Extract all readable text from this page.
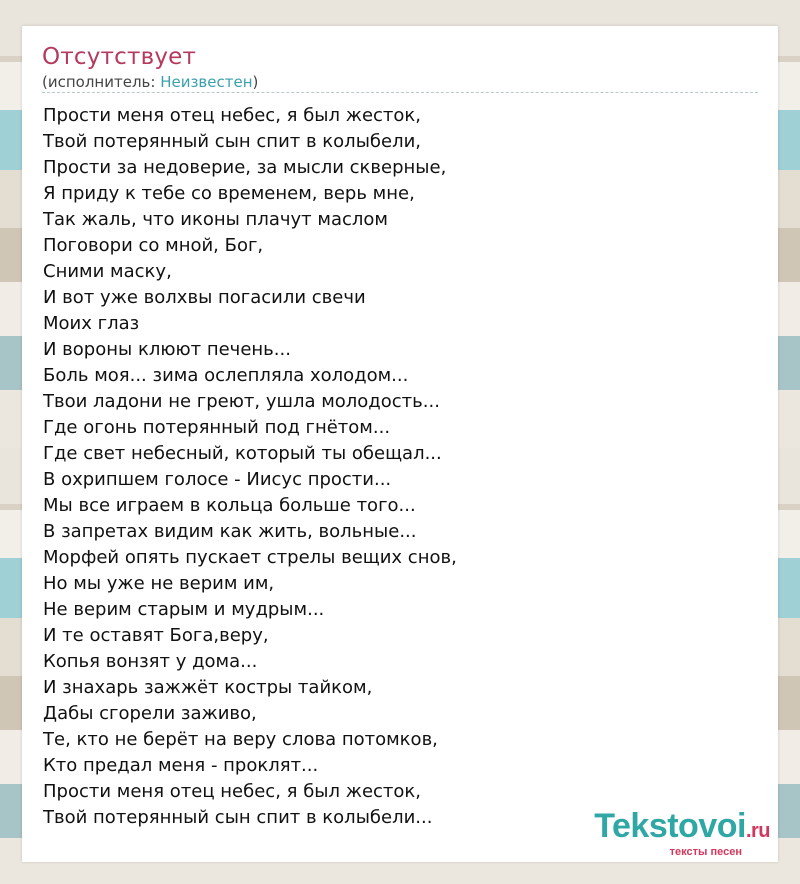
Отсутствует
(исполнитель: Неизвестен)
Прости меня отец небес, я был жесток,
Твой потерянный сын спит в колыбели,
Прости за недоверие, за мысли скверные,
Я приду к тебе со временем, верь мне,
Так жаль, что иконы плачут маслом
Поговори со мной, Бог,
Сними маску,
И вот уже волхвы погасили свечи
Моих глаз
И вороны клюют печень...
Боль моя... зима ослепляла холодом...
Твои ладони не греют, ушла молодость...
Где огонь потерянный под гнётом...
Где свет небесный, который ты обещал...
В охрипшем голосе - Иисус прости...
Мы все играем в кольца больше того...
В запретах видим как жить, вольные...
Морфей опять пускает стрелы вещих снов,
Но мы уже не верим им,
Не верим старым и мудрым...
И те оставят Бога,веру,
Копья вонзят у дома...
И знахарь зажжёт костры тайком,
Дабы сгорели заживо,
Те, кто не берёт на веру слова потомков,
Кто предал меня - проклят...
Прости меня отец небес, я был жесток,
Твой потерянный сын спит в колыбели...	Tekstovoi.ru
тексты песен
